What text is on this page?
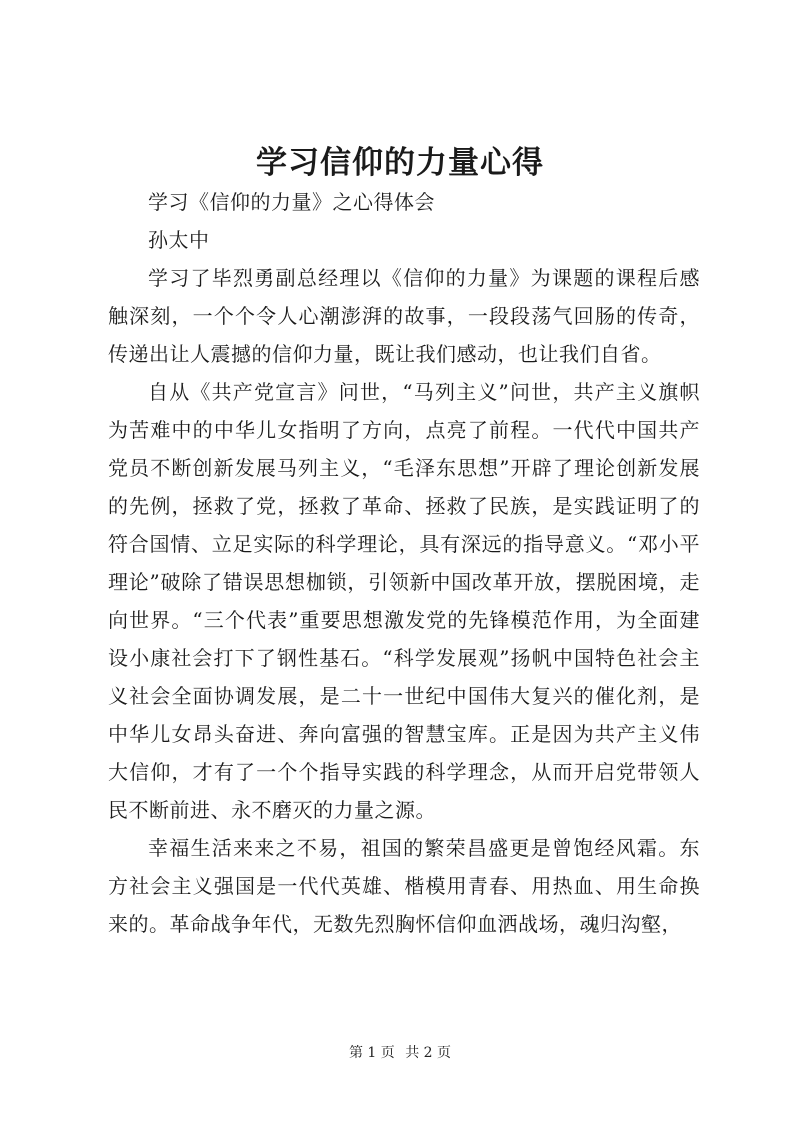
学习信仰的力量心得

学习《信仰的力量》之心得体会

孙太中

学习了毕烈勇副总经理以《信仰的力量》为课题的课程后感触深刻，一个个令人心潮澎湃的故事，一段段荡气回肠的传奇，传递出让人震撼的信仰力量，既让我们感动，也让我们自省。

自从《共产党宣言》问世，“马列主义”问世，共产主义旗帜为苦难中的中华儿女指明了方向，点亮了前程。一代代中国共产党员不断创新发展马列主义，“毛泽东思想”开辟了理论创新发展的先例，拯救了党，拯救了革命、拯救了民族，是实践证明了的符合国情、立足实际的科学理论，具有深远的指导意义。“邓小平理论”破除了错误思想枷锁，引领新中国改革开放，摆脱困境，走向世界。“三个代表”重要思想激发党的先锋模范作用，为全面建设小康社会打下了钢性基石。“科学发展观”扬帆中国特色社会主义社会全面协调发展，是二十一世纪中国伟大复兴的催化剂，是中华儿女昂头奋进、奔向富强的智慧宝库。正是因为共产主义伟大信仰，才有了一个个指导实践的科学理念，从而开启党带领人民不断前进、永不磨灭的力量之源。

幸福生活来来之不易，祖国的繁荣昌盛更是曾饱经风霜。东方社会主义强国是一代代英雄、楷模用青春、用热血、用生命换来的。革命战争年代，无数先烈胸怀信仰血洒战场，魂归沟壑，

第 1 页 共 2 页
